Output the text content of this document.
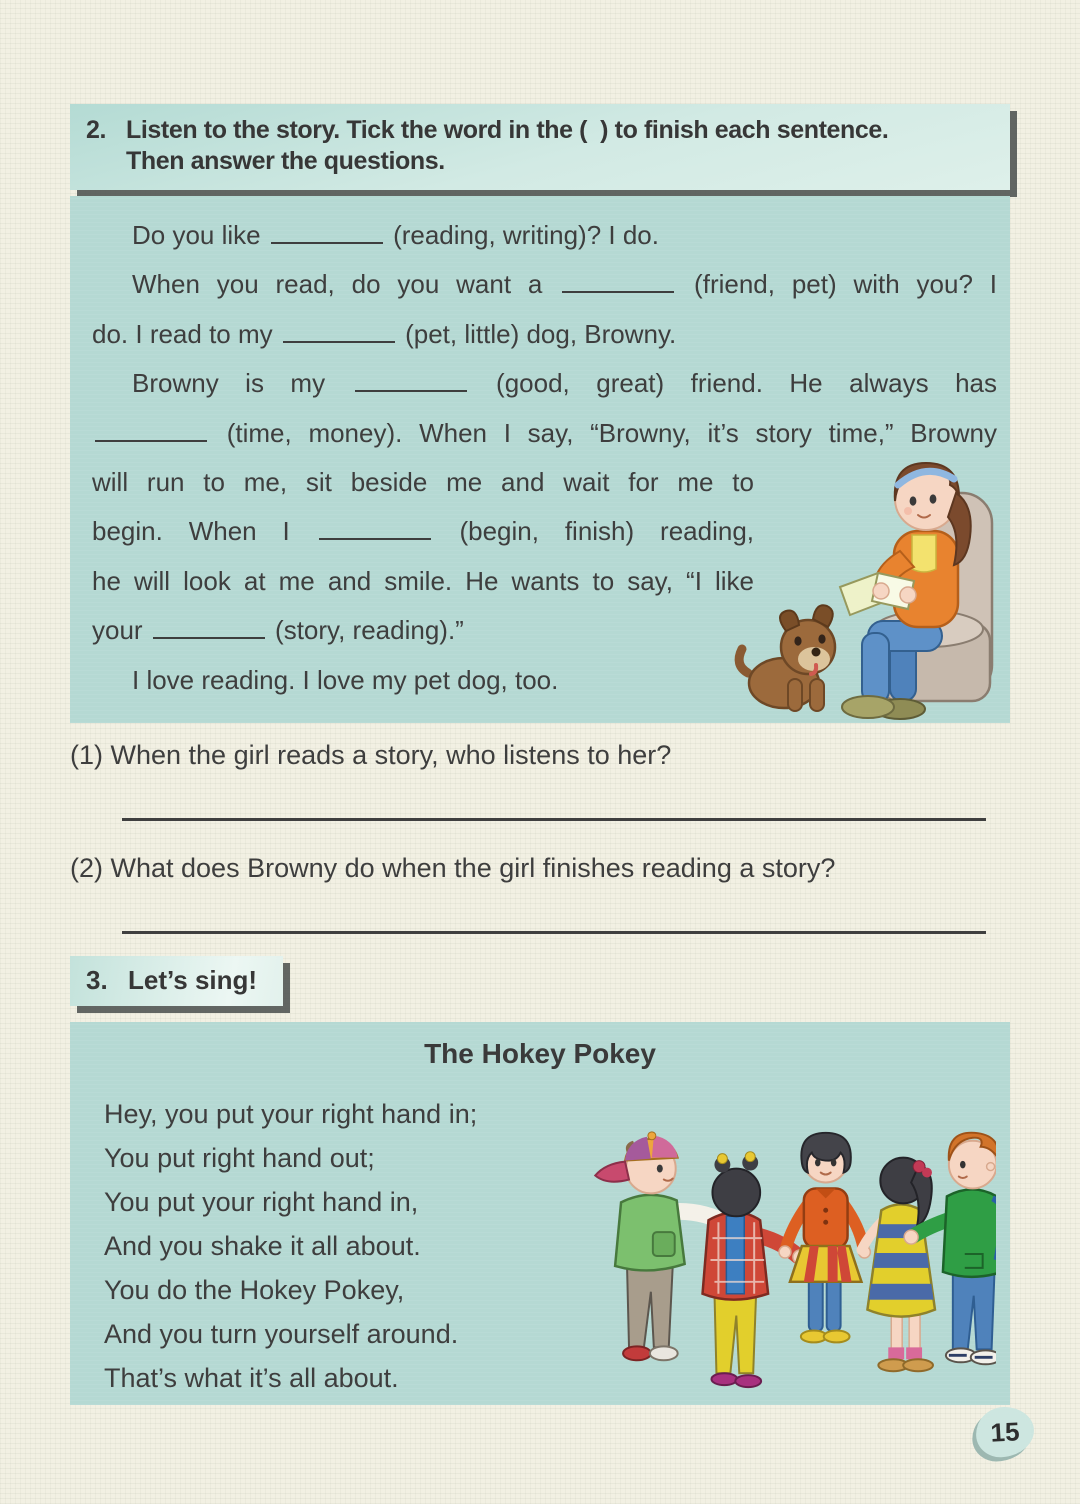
2. Listen to the story. Tick the word in the (  ) to finish each sentence.
Then answer the questions.
Do you like	(reading, writing)? I do.
When you read, do you want a	(friend, pet) with you? I
do. I read to my	(pet, little) dog, Browny.
Browny is my	(good, great) friend. He always has
(time, money). When I say, “Browny, it’s story time,” Browny
will run to me, sit beside me and wait for me to
begin. When I	(begin, finish) reading,
he will look at me and smile. He wants to say, “I like
your	(story, reading).”
I love reading. I love my pet dog, too.
(1) When the girl reads a story, who listens to her?
(2) What does Browny do when the girl finishes reading a story?
3. Let’s sing!
The Hokey Pokey
Hey, you put your right hand in;
You put right hand out;
You put your right hand in,
And you shake it all about.
You do the Hokey Pokey,
And you turn yourself around.
That’s what it’s all about.
15
